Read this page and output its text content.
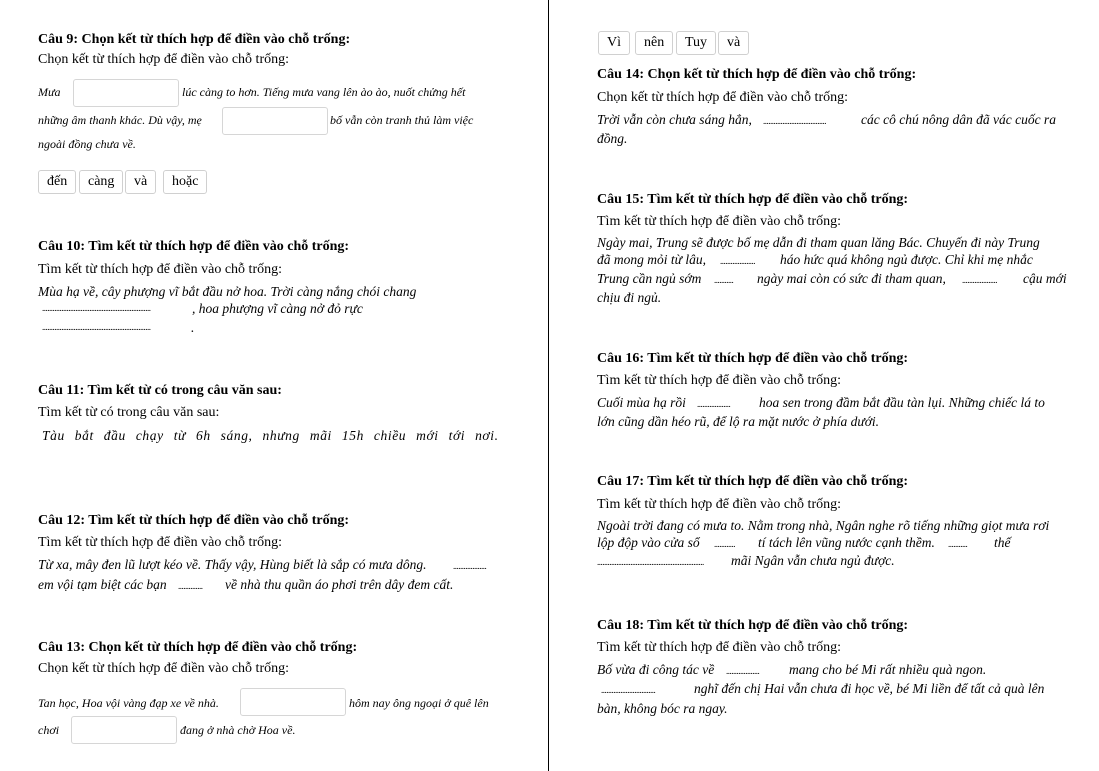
Câu 9: Chọn kết từ thích hợp để điền vào chỗ trống:
Chọn kết từ thích hợp để điền vào chỗ trống:
Mưa	lúc càng to hơn. Tiếng mưa vang lên ào ào, nuốt chửng hết
những âm thanh khác. Dù vậy, mẹ	bố vẫn còn tranh thủ làm việc
ngoài đồng chưa về.
đến	càng	và	hoặc
Câu 10: Tìm kết từ thích hợp để điền vào chỗ trống:
Tìm kết từ thích hợp để điền vào chỗ trống:
Mùa hạ về, cây phượng vĩ bắt đầu nở hoa. Trời càng nắng chói chang
..............................................................	, hoa phượng vĩ càng nở đỏ rực
..............................................................	.
Câu 11: Tìm kết từ có trong câu văn sau:
Tìm kết từ có trong câu văn sau:
Tàu bắt đầu chạy từ 6h sáng, nhưng mãi 15h chiều mới tới nơi.
Câu 12: Tìm kết từ thích hợp để điền vào chỗ trống:
Tìm kết từ thích hợp để điền vào chỗ trống:
Từ xa, mây đen lũ lượt kéo về. Thấy vậy, Hùng biết là sắp có mưa dông.	...................
em vội tạm biệt các bạn .............. về nhà thu quần áo phơi trên dây đem cất.
Câu 13: Chọn kết từ thích hợp để điền vào chỗ trống:
Chọn kết từ thích hợp để điền vào chỗ trống:
Tan học, Hoa vội vàng đạp xe về nhà.	hôm nay ông ngoại ở quê lên
chơi	đang ở nhà chờ Hoa về.
Vì	nên	Tuy	và
Câu 14: Chọn kết từ thích hợp để điền vào chỗ trống:
Chọn kết từ thích hợp để điền vào chỗ trống:
Trời vẫn còn chưa sáng hẳn, ....................................	các cô chú nông dân đã vác cuốc ra
đồng.
Câu 15: Tìm kết từ thích hợp để điền vào chỗ trống:
Tìm kết từ thích hợp để điền vào chỗ trống:
Ngày mai, Trung sẽ được bố mẹ dẫn đi tham quan lăng Bác. Chuyến đi này Trung
đã mong mỏi từ lâu, .................... háo hức quá không ngủ được. Chỉ khi mẹ nhắc
Trung cần ngủ sớm ........... ngày mai còn có sức đi tham quan, .................... cậu mới
chịu đi ngủ.
Câu 16: Tìm kết từ thích hợp để điền vào chỗ trống:
Tìm kết từ thích hợp để điền vào chỗ trống:
Cuối mùa hạ rồi ................... hoa sen trong đầm bắt đầu tàn lụi. Những chiếc lá to
lớn cũng dần héo rũ, để lộ ra mặt nước ở phía dưới.
Câu 17: Tìm kết từ thích hợp để điền vào chỗ trống:
Tìm kết từ thích hợp để điền vào chỗ trống:
Ngoài trời đang có mưa to. Nằm trong nhà, Ngân nghe rõ tiếng những giọt mưa rơi
lộp độp vào cửa sổ ............ tí tách lên vũng nước cạnh thềm. ........... thế
............................................................. mãi Ngân vẫn chưa ngủ được.
Câu 18: Tìm kết từ thích hợp để điền vào chỗ trống:
Tìm kết từ thích hợp để điền vào chỗ trống:
Bố vừa đi công tác về ................... mang cho bé Mi rất nhiều quà ngon.
...............................	nghĩ đến chị Hai vẫn chưa đi học về, bé Mi liền để tất cả quà lên
bàn, không bóc ra ngay.
